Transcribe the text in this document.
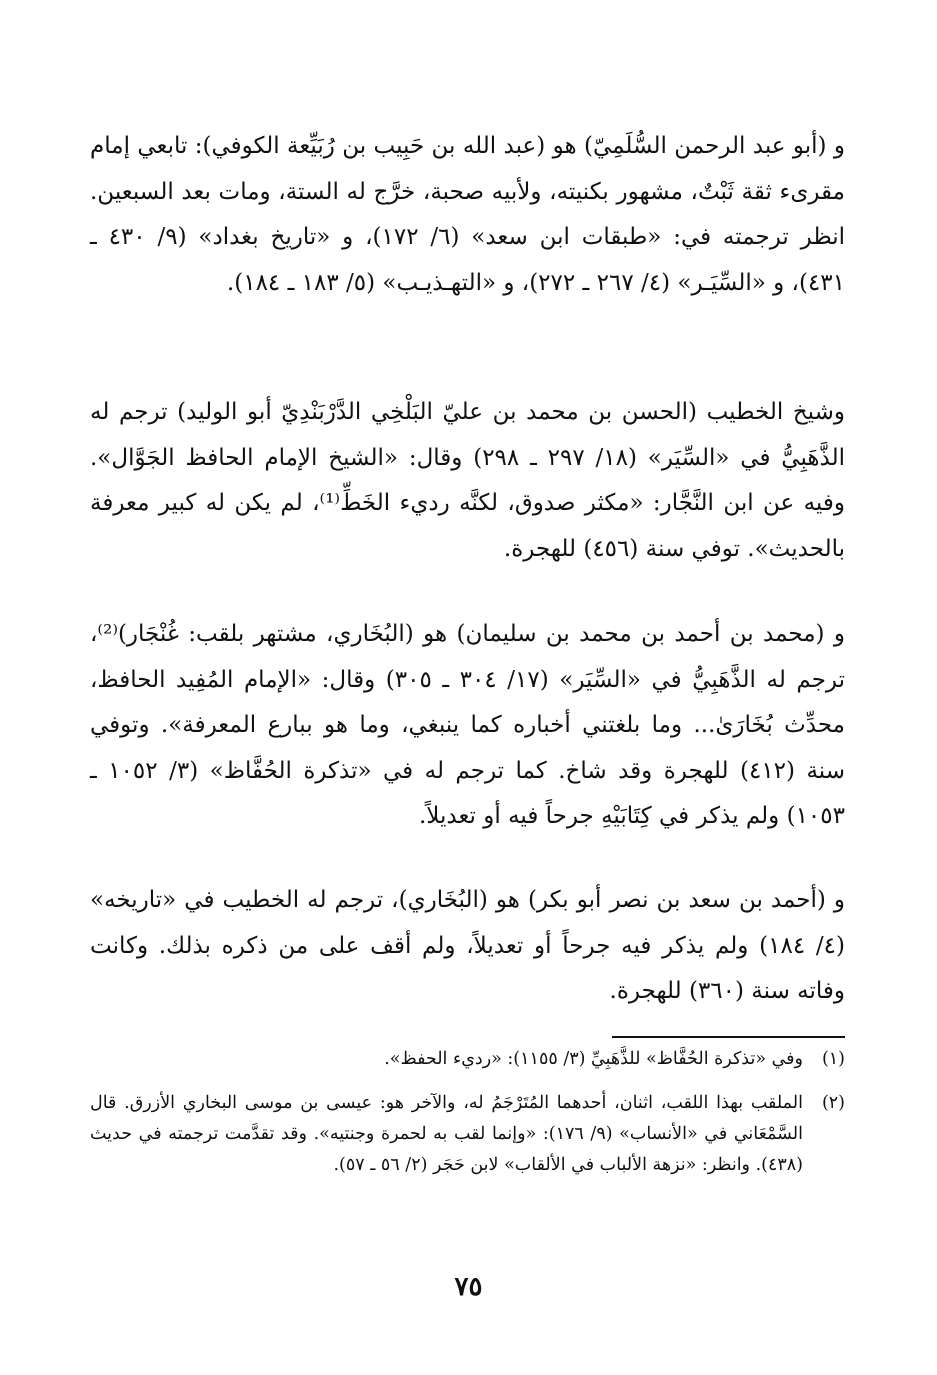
و (أبو عبد الرحمن السُّلَمِيّ) هو (عبد الله بن حَبِيب بن رُبَيِّعة الكوفي): تابعي إمام مقرىء ثقة ثَبْتٌ، مشهور بكنيته، ولأبيه صحبة، خرَّج له الستة، ومات بعد السبعين. انظر ترجمته في: «طبقات ابن سعد» (٦/ ١٧٢)، و «تاريخ بغداد» (٩/ ٤٣٠ ـ ٤٣١)، و «السِّيَـر» (٤/ ٢٦٧ ـ ٢٧٢)، و «التهـذيـب» (٥/ ١٨٣ ـ ١٨٤).

وشيخ الخطيب (الحسن بن محمد بن عليّ البَلْخِي الدَّرْبَنْدِيّ أبو الوليد) ترجم له الذَّهَبِيُّ في «السِّيَر» (١٨/ ٢٩٧ ـ ٢٩٨) وقال: «الشيخ الإمام الحافظ الجَوَّال». وفيه عن ابن النَّجَّار: «مكثر صدوق، لكنَّه رديء الخَطِّ⁽¹⁾، لم يكن له كبير معرفة بالحديث». توفي سنة (٤٥٦) للهجرة.

و (محمد بن أحمد بن محمد بن سليمان) هو (البُخَاري، مشتهر بلقب: غُنْجَار)⁽²⁾، ترجم له الذَّهَبِيُّ في «السِّيَر» (١٧/ ٣٠٤ ـ ٣٠٥) وقال: «الإمام المُفِيد الحافظ، محدِّث بُخَارَىٰ... وما بلغتني أخباره كما ينبغي، وما هو ببارع المعرفة». وتوفي سنة (٤١٢) للهجرة وقد شاخ. كما ترجم له في «تذكرة الحُفَّاظ» (٣/ ١٠٥٢ ـ ١٠٥٣) ولم يذكر في كِتَابَيْهِ جرحاً فيه أو تعديلاً.

و (أحمد بن سعد بن نصر أبو بكر) هو (البُخَاري)، ترجم له الخطيب في «تاريخه» (٤/ ١٨٤) ولم يذكر فيه جرحاً أو تعديلاً، ولم أقف على من ذكره بذلك. وكانت وفاته سنة (٣٦٠) للهجرة.

(١)
وفي «تذكرة الحُفَّاظ» للذَّهَبِيِّ (٣/ ١١٥٥): «رديء الحفظ».
(٢)
الملقب بهذا اللقب، اثنان، أحدهما المُتَرْجَمُ له، والآخر هو: عيسى بن موسى البخاري الأزرق. قال السَّمْعَاني في «الأنساب» (٩/ ١٧٦): «وإنما لقب به لحمرة وجنتيه». وقد تقدَّمت ترجمته في حديث (٤٣٨). وانظر: «نزهة الألباب في الألقاب» لابن حَجَر (٢/ ٥٦ ـ ٥٧).
٧٥
